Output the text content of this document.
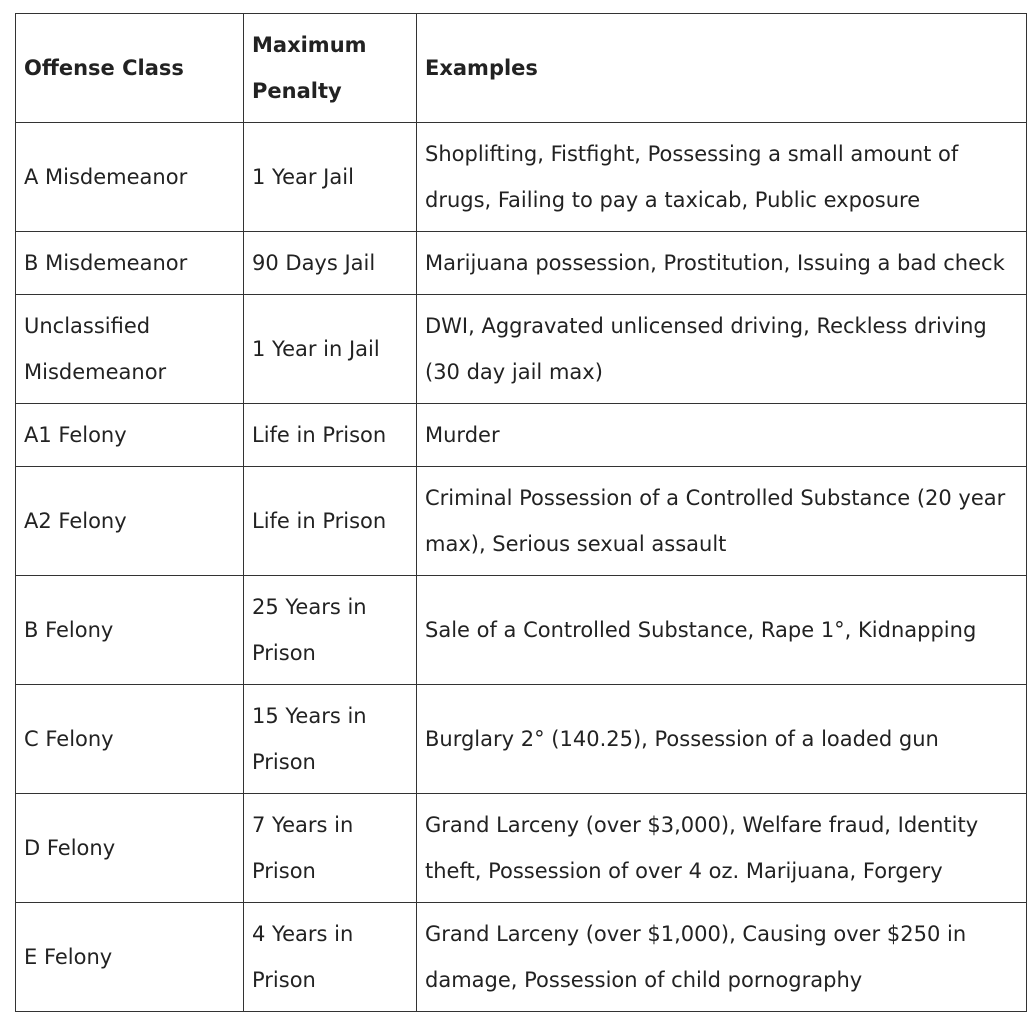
Offense Class	Maximum Penalty	Examples
A Misdemeanor	1 Year Jail	Shoplifting, Fistfight, Possessing a small amount of drugs, Failing to pay a taxicab, Public exposure
B Misdemeanor	90 Days Jail	Marijuana possession, Prostitution, Issuing a bad check
Unclassified Misdemeanor	1 Year in Jail	DWI, Aggravated unlicensed driving, Reckless driving (30 day jail max)
A1 Felony	Life in Prison	Murder
A2 Felony	Life in Prison	Criminal Possession of a Controlled Substance (20 year max), Serious sexual assault
B Felony	25 Years in Prison	Sale of a Controlled Substance, Rape 1°, Kidnapping
C Felony	15 Years in Prison	Burglary 2° (140.25), Possession of a loaded gun
D Felony	7 Years in Prison	Grand Larceny (over $3,000), Welfare fraud, Identity theft, Possession of over 4 oz. Marijuana, Forgery
E Felony	4 Years in Prison	Grand Larceny (over $1,000), Causing over $250 in damage, Possession of child pornography
